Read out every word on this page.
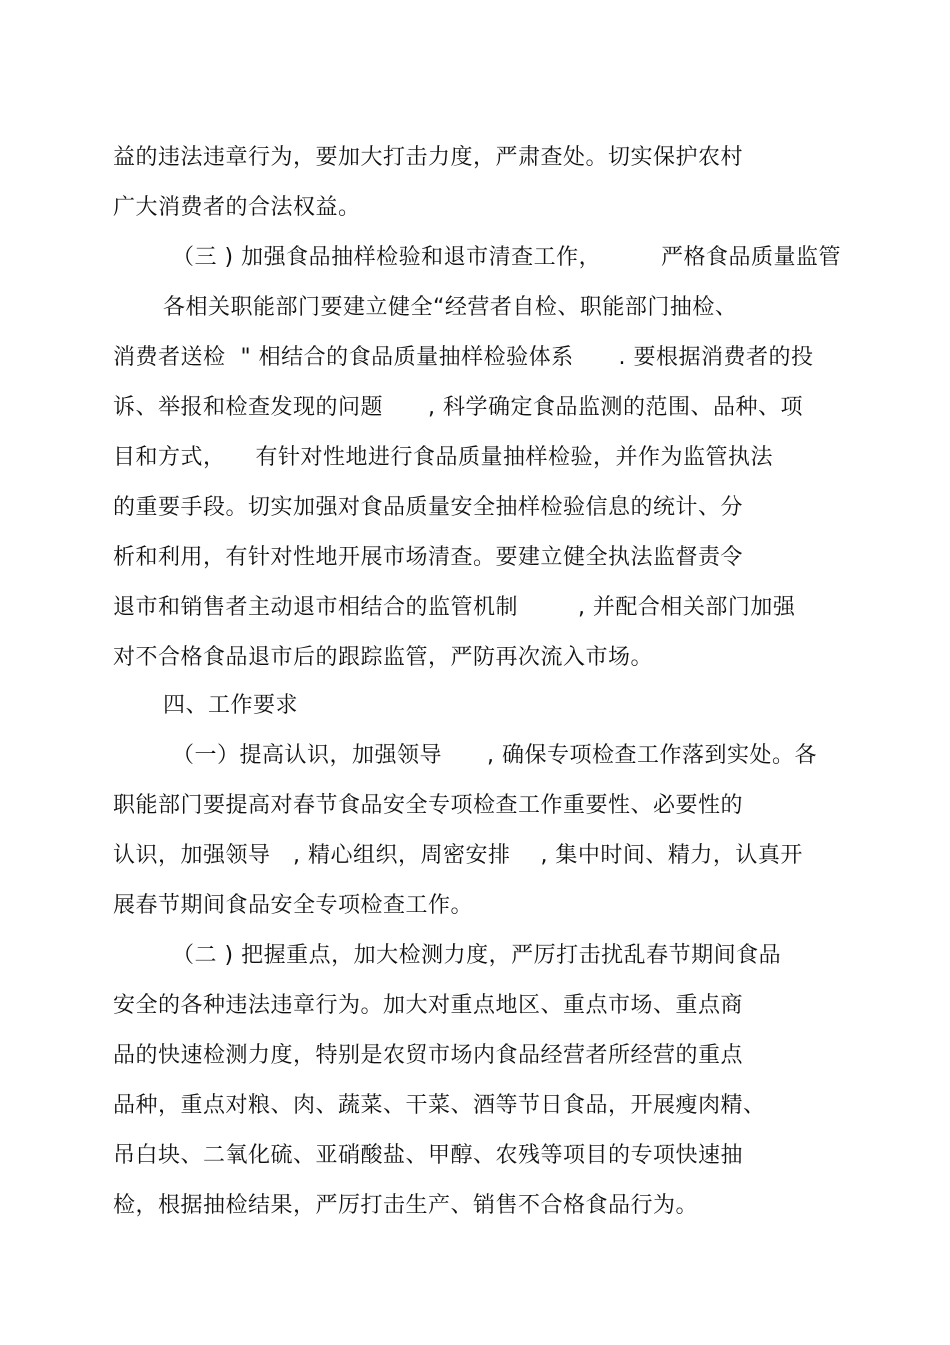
益的违法违章行为，要加大打击力度，严肃查处。切实保护农村
广大消费者的合法权益。
（三 ) 加强食品抽样检验和退市清查工作，        严格食品质量监管
各相关职能部门要建立健全“经营者自检、职能部门抽检、
消费者送检  " 相结合的食品质量抽样检验体系      . 要根据消费者的投
诉、举报和检查发现的问题      , 科学确定食品监测的范围、品种、项
目和方式，    有针对性地进行食品质量抽样检验，并作为监管执法
的重要手段。切实加强对食品质量安全抽样检验信息的统计、分
析和利用，有针对性地开展市场清查。要建立健全执法监督责令
退市和销售者主动退市相结合的监管机制        , 并配合相关部门加强
对不合格食品退市后的跟踪监管，严防再次流入市场。
四、工作要求
（一）提高认识，加强领导      , 确保专项检查工作落到实处。各
职能部门要提高对春节食品安全专项检查工作重要性、必要性的
认识，加强领导   , 精心组织，周密安排    , 集中时间、精力，认真开
展春节期间食品安全专项检查工作。
（二 ) 把握重点，加大检测力度，严厉打击扰乱春节期间食品
安全的各种违法违章行为。加大对重点地区、重点市场、重点商
品的快速检测力度，特别是农贸市场内食品经营者所经营的重点
品种，重点对粮、肉、蔬菜、干菜、酒等节日食品，开展瘦肉精、
吊白块、二氧化硫、亚硝酸盐、甲醇、农残等项目的专项快速抽
检，根据抽检结果，严厉打击生产、销售不合格食品行为。
